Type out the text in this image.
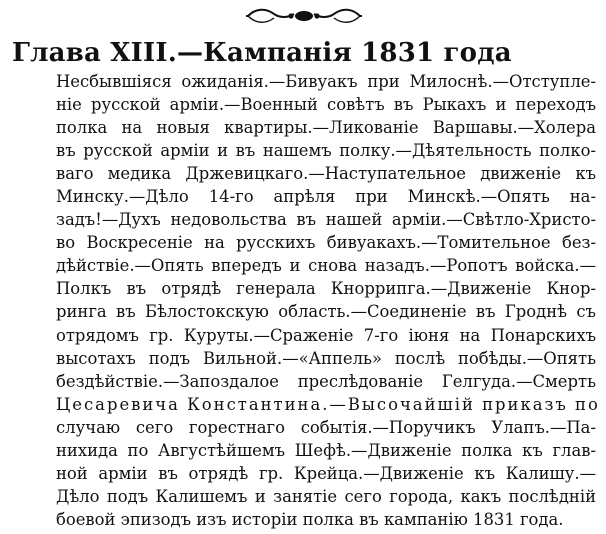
Глава XIII.—Кампанія 1831 года
Несбывшіяся ожиданія.—Бивуакъ при Милоснѣ.—Отступле-
ніе русской арміи.—Военный совѣтъ въ Рыкахъ и переходъ
полка на новыя квартиры.—Ликованіе Варшавы.—Холера
въ русской арміи и въ нашемъ полку.—Дѣятельность полко-
ваго медика Држевицкаго.—Наступательное движеніе къ
Минску.—Дѣло 14-го апрѣля при Минскѣ.—Опять на-
задъ!—Духъ недовольства въ нашей арміи.—Свѣтло-Христо-
во Воскресеніе на русскихъ бивуакахъ.—Томительное без-
дѣйствіе.—Опять впередъ и снова назадъ.—Ропотъ войска.—
Полкъ въ отрядѣ генерала Кноррипга.—Движеніе Кнор-
ринга въ Бѣлостокскую область.—Соединеніе въ Гроднѣ съ
отрядомъ гр. Куруты.—Сраженіе 7-го іюня на Понарскихъ
высотахъ подъ Вильной.—«Аппель» послѣ побѣды.—Опять
бездѣйствіе.—Запоздалое преслѣдованіе Гелгуда.—Смерть
Цесаревича Константина.—Высочайшій приказъ по
случаю сего горестнаго событія.—Поручикъ Улапъ.—Па-
нихида по Августѣйшемъ Шефѣ.—Движеніе полка къ глав-
ной арміи въ отрядѣ гр. Крейца.—Движеніе къ Калишу.—
Дѣло подъ Калишемъ и занятіе сего города, какъ послѣдній
боевой эпизодъ изъ исторіи полка въ кампанію 1831 года.
